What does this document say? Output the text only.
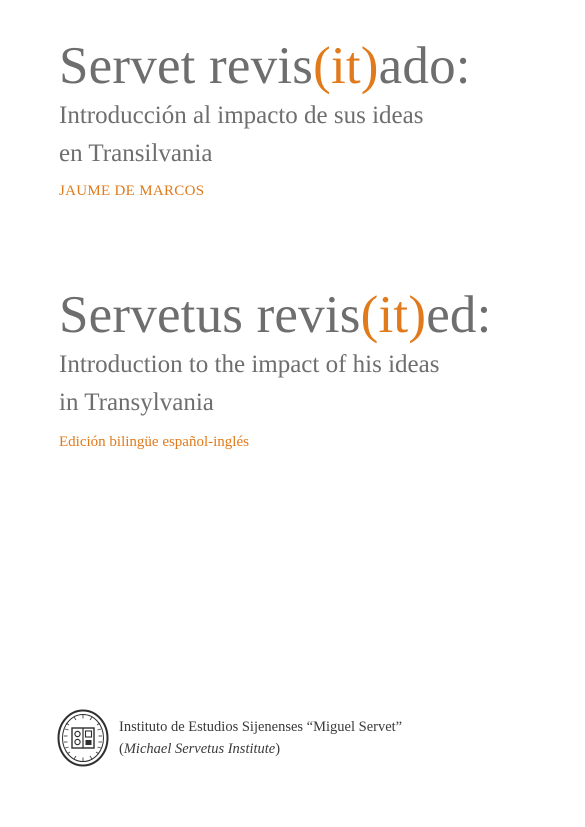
Servet revis(it)ado:
Introducción al impacto de sus ideas
en Transilvania
JAUME DE MARCOS
Servetus revis(it)ed:
Introduction to the impact of his ideas
in Transylvania
Edición bilingüe español-inglés
Instituto de Estudios Sijenenses “Miguel Servet”
(Michael Servetus Institute)
